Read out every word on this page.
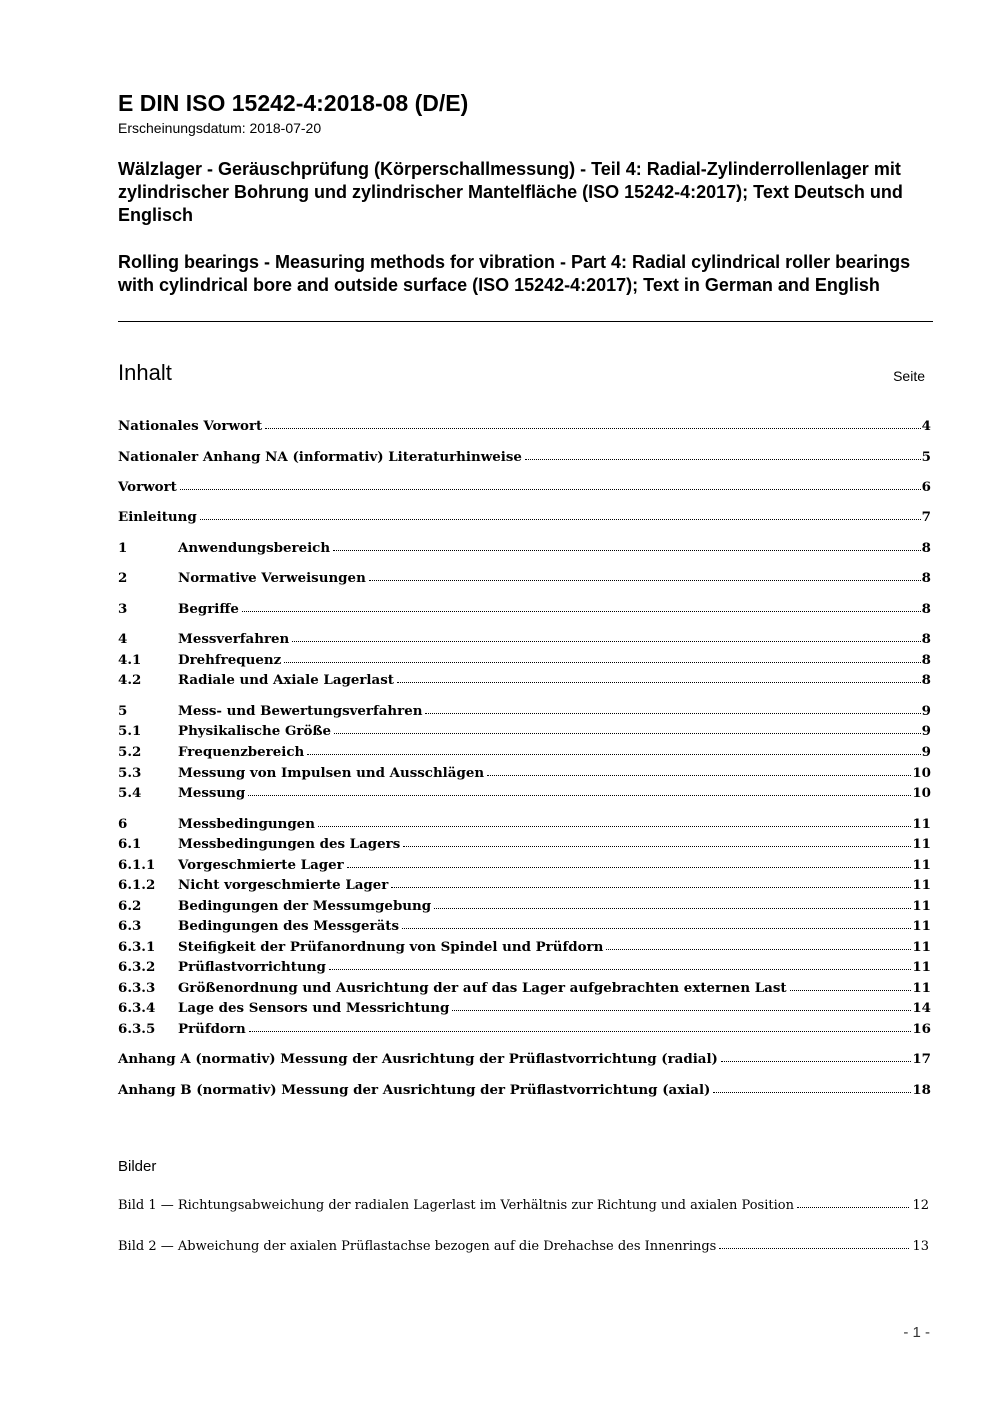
E DIN ISO 15242-4:2018-08 (D/E)
Erscheinungsdatum: 2018-07-20
Wälzlager - Geräuschprüfung (Körperschallmessung) - Teil 4: Radial-Zylinderrollenlager mit zylindrischer Bohrung und zylindrischer Mantelfläche (ISO 15242-4:2017); Text Deutsch und Englisch
Rolling bearings - Measuring methods for vibration - Part 4: Radial cylindrical roller bearings with cylindrical bore and outside surface (ISO 15242-4:2017); Text in German and English
Inhalt	Seite
Nationales Vorwort	4
Nationaler Anhang NA (informativ) Literaturhinweise	5
Vorwort	6
Einleitung	7
1	Anwendungsbereich	8
2	Normative Verweisungen	8
3	Begriffe	8
4	Messverfahren	8
4.1	Drehfrequenz	8
4.2	Radiale und Axiale Lagerlast	8
5	Mess- und Bewertungsverfahren	9
5.1	Physikalische Größe	9
5.2	Frequenzbereich	9
5.3	Messung von Impulsen und Ausschlägen	10
5.4	Messung	10
6	Messbedingungen	11
6.1	Messbedingungen des Lagers	11
6.1.1	Vorgeschmierte Lager	11
6.1.2	Nicht vorgeschmierte Lager	11
6.2	Bedingungen der Messumgebung	11
6.3	Bedingungen des Messgeräts	11
6.3.1	Steifigkeit der Prüfanordnung von Spindel und Prüfdorn	11
6.3.2	Prüflastvorrichtung	11
6.3.3	Größenordnung und Ausrichtung der auf das Lager aufgebrachten externen Last	11
6.3.4	Lage des Sensors und Messrichtung	14
6.3.5	Prüfdorn	16
Anhang A (normativ) Messung der Ausrichtung der Prüflastvorrichtung (radial)	17
Anhang B (normativ) Messung der Ausrichtung der Prüflastvorrichtung (axial)	18
Bilder
Bild 1 — Richtungsabweichung der radialen Lagerlast im Verhältnis zur Richtung und axialen Position	12
Bild 2 — Abweichung der axialen Prüflastachse bezogen auf die Drehachse des Innenrings	13
- 1 -
